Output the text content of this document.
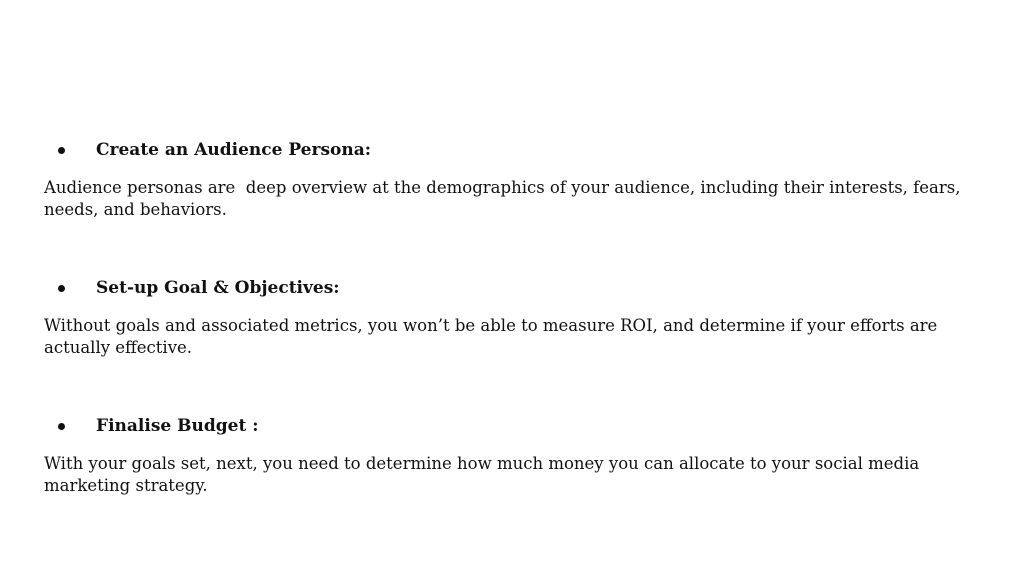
Create an Audience Persona:
Audience personas are  deep overview at the demographics of your audience, including their interests, fears, needs, and behaviors.
Set-up Goal & Objectives:
Without goals and associated metrics, you won’t be able to measure ROI, and determine if your efforts are actually effective.
Finalise Budget :
With your goals set, next, you need to determine how much money you can allocate to your social media marketing strategy.
